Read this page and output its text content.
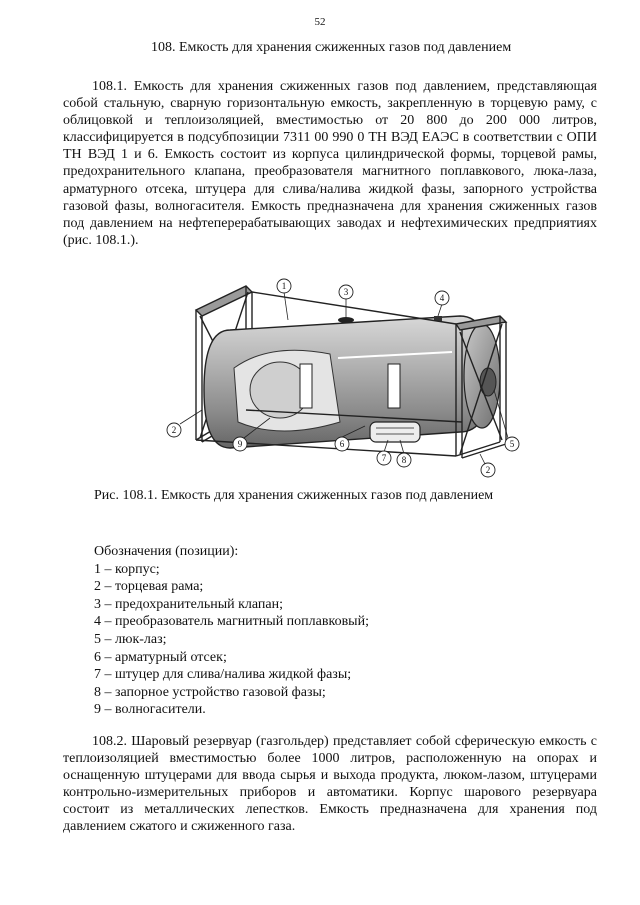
52
108. Емкость для хранения сжиженных газов под давлением

108.1. Емкость для хранения сжиженных газов под давлением, представляющая собой стальную, сварную горизонтальную емкость, закрепленную в торцевую раму, с облицовкой и теплоизоляцией, вместимостью от 20 800 до 200 000 литров, классифицируется в подсубпозиции 7311 00 990 0 ТН ВЭД ЕАЭС в соответствии с ОПИ ТН ВЭД 1 и 6. Емкость состоит из корпуса цилиндрической формы, торцевой рамы, предохранительного клапана, преобразователя магнитного поплавкового, люка-лаза, арматурного отсека, штуцера для слива/налива жидкой фазы, запорного устройства газовой фазы, волногасителя. Емкость предназначена для хранения сжиженных газов под давлением на нефтеперерабатывающих заводах и нефтехимических предприятиях (рис. 108.1.).

1
3
4
2
9	6
7 8
5
2
Рис. 108.1. Емкость для хранения сжиженных газов под давлением
Обозначения (позиции):
1 – корпус;
2 – торцевая рама;
3 – предохранительный клапан;
4 – преобразователь магнитный поплавковый;
5 – люк-лаз;
6 – арматурный отсек;
7 – штуцер для слива/налива жидкой фазы;
8 – запорное устройство газовой фазы;
9 – волногасители.

108.2. Шаровый резервуар (газгольдер) представляет собой сферическую емкость с теплоизоляцией вместимостью более 1000 литров, расположенную на опорах и оснащенную штуцерами для ввода сырья и выхода продукта, люком-лазом, штуцерами контрольно-измерительных приборов и автоматики. Корпус шарового резервуара состоит из металлических лепестков. Емкость предназначена для хранения под давлением сжатого и сжиженного газа.
